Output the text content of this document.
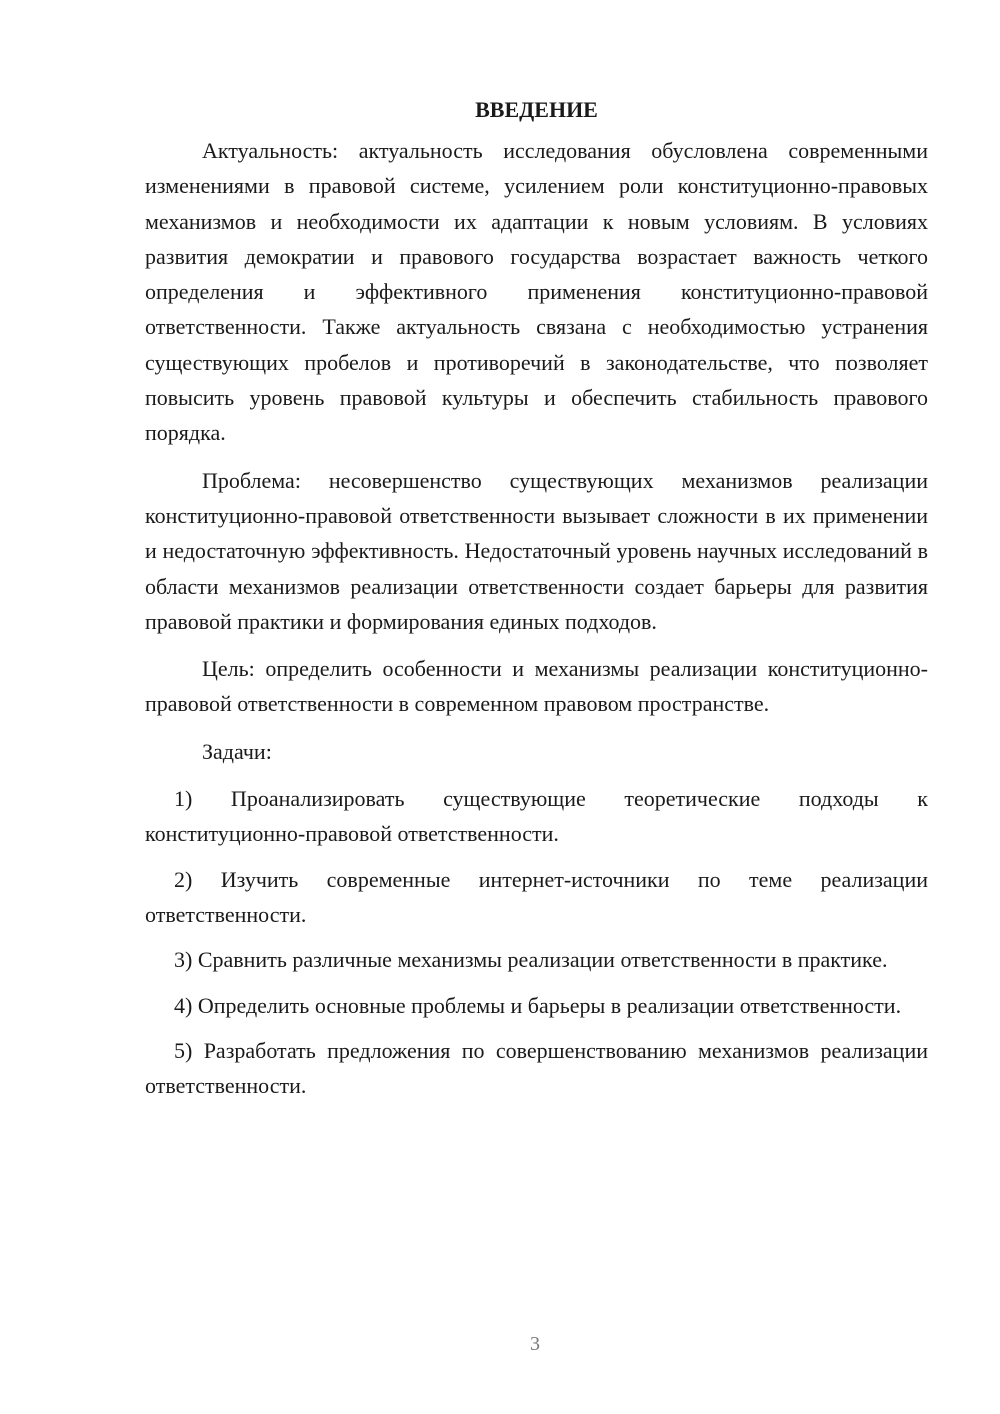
ВВЕДЕНИЕ

Актуальность: актуальность исследования обусловлена современными изменениями в правовой системе, усилением роли конституционно-правовых механизмов и необходимости их адаптации к новым условиям. В условиях развития демократии и правового государства возрастает важность четкого определения и эффективного применения конституционно-правовой ответственности. Также актуальность связана с необходимостью устранения существующих пробелов и противоречий в законодательстве, что позволяет повысить уровень правовой культуры и обеспечить стабильность правового порядка.

Проблема: несовершенство существующих механизмов реализации конституционно-правовой ответственности вызывает сложности в их применении и недостаточную эффективность. Недостаточный уровень научных исследований в области механизмов реализации ответственности создает барьеры для развития правовой практики и формирования единых подходов.

Цель: определить особенности и механизмы реализации конституционно-правовой ответственности в современном правовом пространстве.

Задачи:

1) Проанализировать существующие теоретические подходы к конституционно-правовой ответственности.

2) Изучить современные интернет-источники по теме реализации ответственности.

3) Сравнить различные механизмы реализации ответственности в практике.

4) Определить основные проблемы и барьеры в реализации ответственности.

5) Разработать предложения по совершенствованию механизмов реализации ответственности.

3
